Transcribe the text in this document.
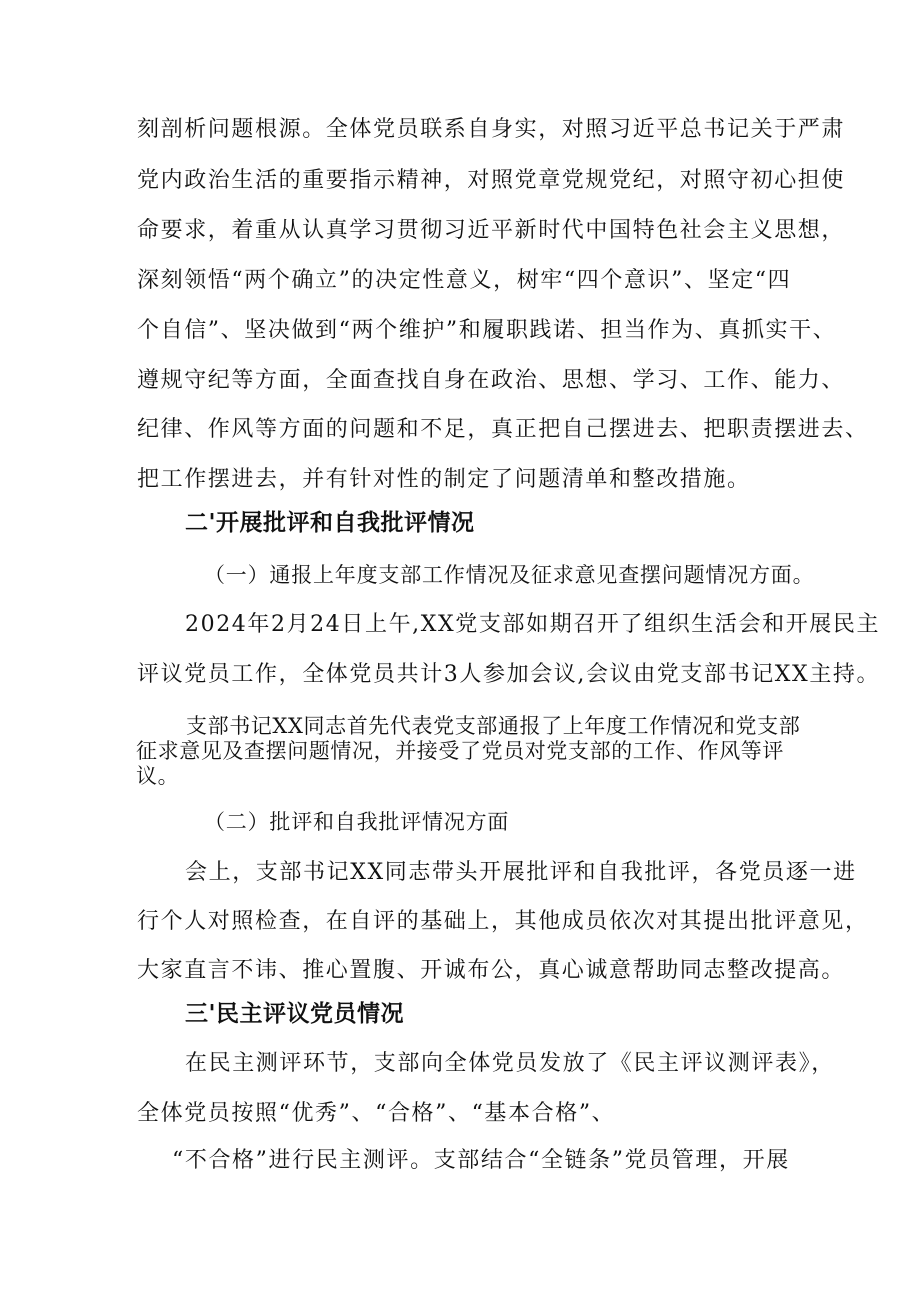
刻剖析问题根源。全体党员联系自身实，对照习近平总书记关于严肃
党内政治生活的重要指示精神，对照党章党规党纪，对照守初心担使
命要求，着重从认真学习贯彻习近平新时代中国特色社会主义思想，
深刻领悟“两个确立”的决定性意义，树牢“四个意识”、坚定“四
个自信”、坚决做到“两个维护”和履职践诺、担当作为、真抓实干、
遵规守纪等方面，全面查找自身在政治、思想、学习、工作、能力、
纪律、作风等方面的问题和不足，真正把自己摆进去、把职责摆进去、
把工作摆进去，并有针对性的制定了问题清单和整改措施。
二'开展批评和自我批评情况
（一）通报上年度支部工作情况及征求意见查摆问题情况方面。
2024年2月24日上午,XX党支部如期召开了组织生活会和开展民主
评议党员工作，全体党员共计3人参加会议,会议由党支部书记XX主持。
支部书记XX同志首先代表党支部通报了上年度工作情况和党支部
征求意见及查摆问题情况，并接受了党员对党支部的工作、作风等评
议。
（二）批评和自我批评情况方面
会上，支部书记XX同志带头开展批评和自我批评，各党员逐一进
行个人对照检查，在自评的基础上，其他成员依次对其提出批评意见，
大家直言不讳、推心置腹、开诚布公，真心诚意帮助同志整改提高。
三'民主评议党员情况
在民主测评环节，支部向全体党员发放了《民主评议测评表》，
全体党员按照“优秀”、“合格”、“基本合格”、
“不合格”进行民主测评。支部结合“全链条”党员管理，开展
